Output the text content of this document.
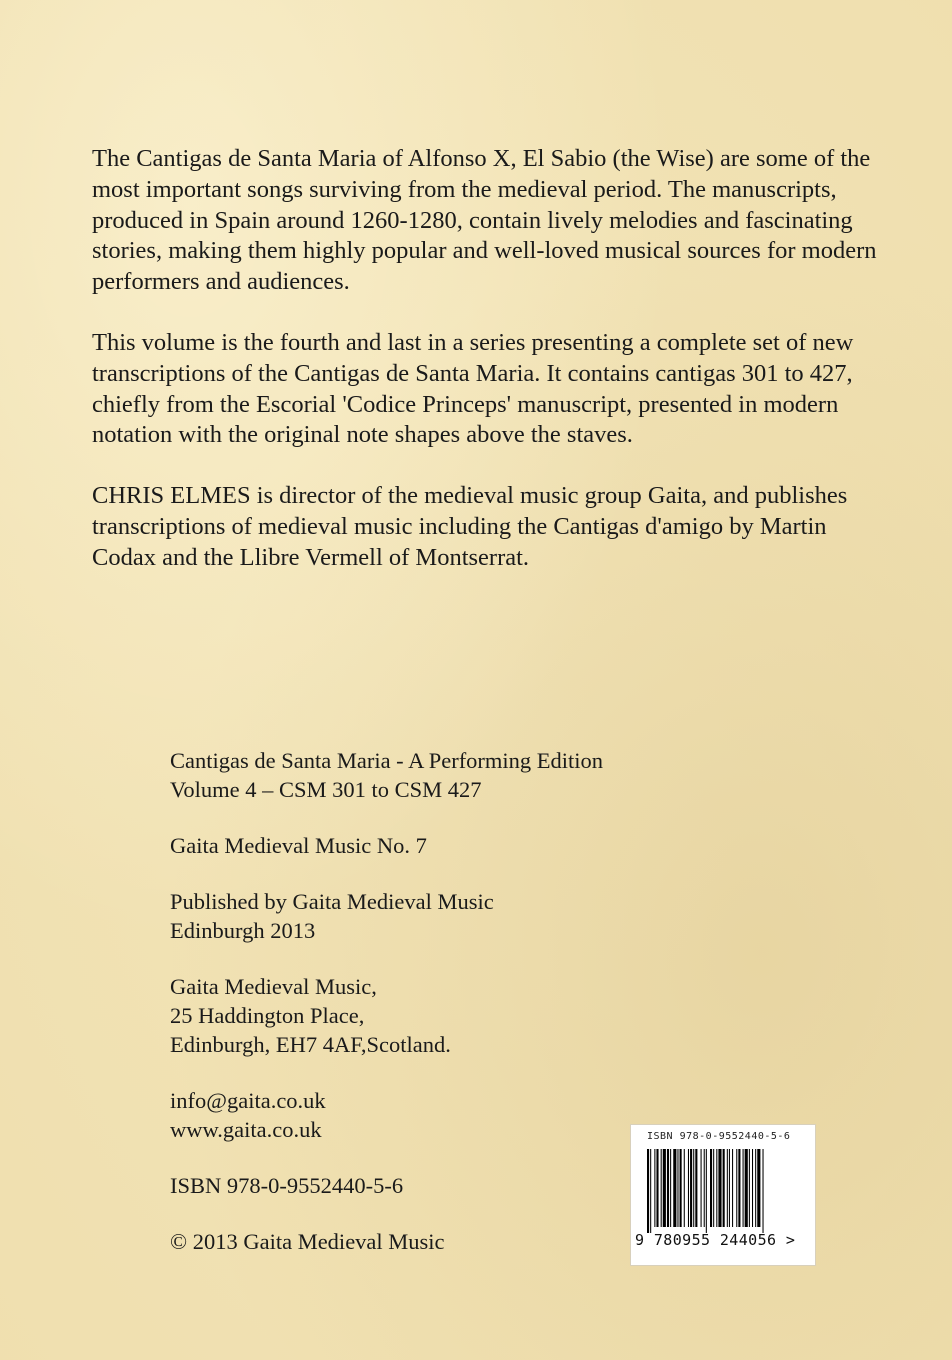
The Cantigas de Santa Maria of Alfonso X, El Sabio (the Wise) are some of the most important songs surviving from the medieval period. The manuscripts, produced in Spain around 1260-1280, contain lively melodies and fascinating stories, making them highly popular and well-loved musical sources for modern performers and audiences.

This volume is the fourth and last in a series presenting a complete set of new transcriptions of the Cantigas de Santa Maria. It contains cantigas 301 to 427, chiefly from the Escorial 'Codice Princeps' manuscript, presented in modern notation with the original note shapes above the staves.

CHRIS ELMES is director of the medieval music group Gaita, and publishes transcriptions of medieval music including the Cantigas d'amigo by Martin Codax and the Llibre Vermell of Montserrat.

Cantigas de Santa Maria - A Performing Edition
Volume 4 – CSM 301 to CSM 427
Gaita Medieval Music No. 7
Published by Gaita Medieval Music
Edinburgh 2013
Gaita Medieval Music,
25 Haddington Place,
Edinburgh, EH7 4AF,Scotland.
info@gaita.co.uk
www.gaita.co.uk
ISBN 978-0-9552440-5-6
© 2013 Gaita Medieval Music
ISBN 978-0-9552440-5-6
9 780955 244056 >
